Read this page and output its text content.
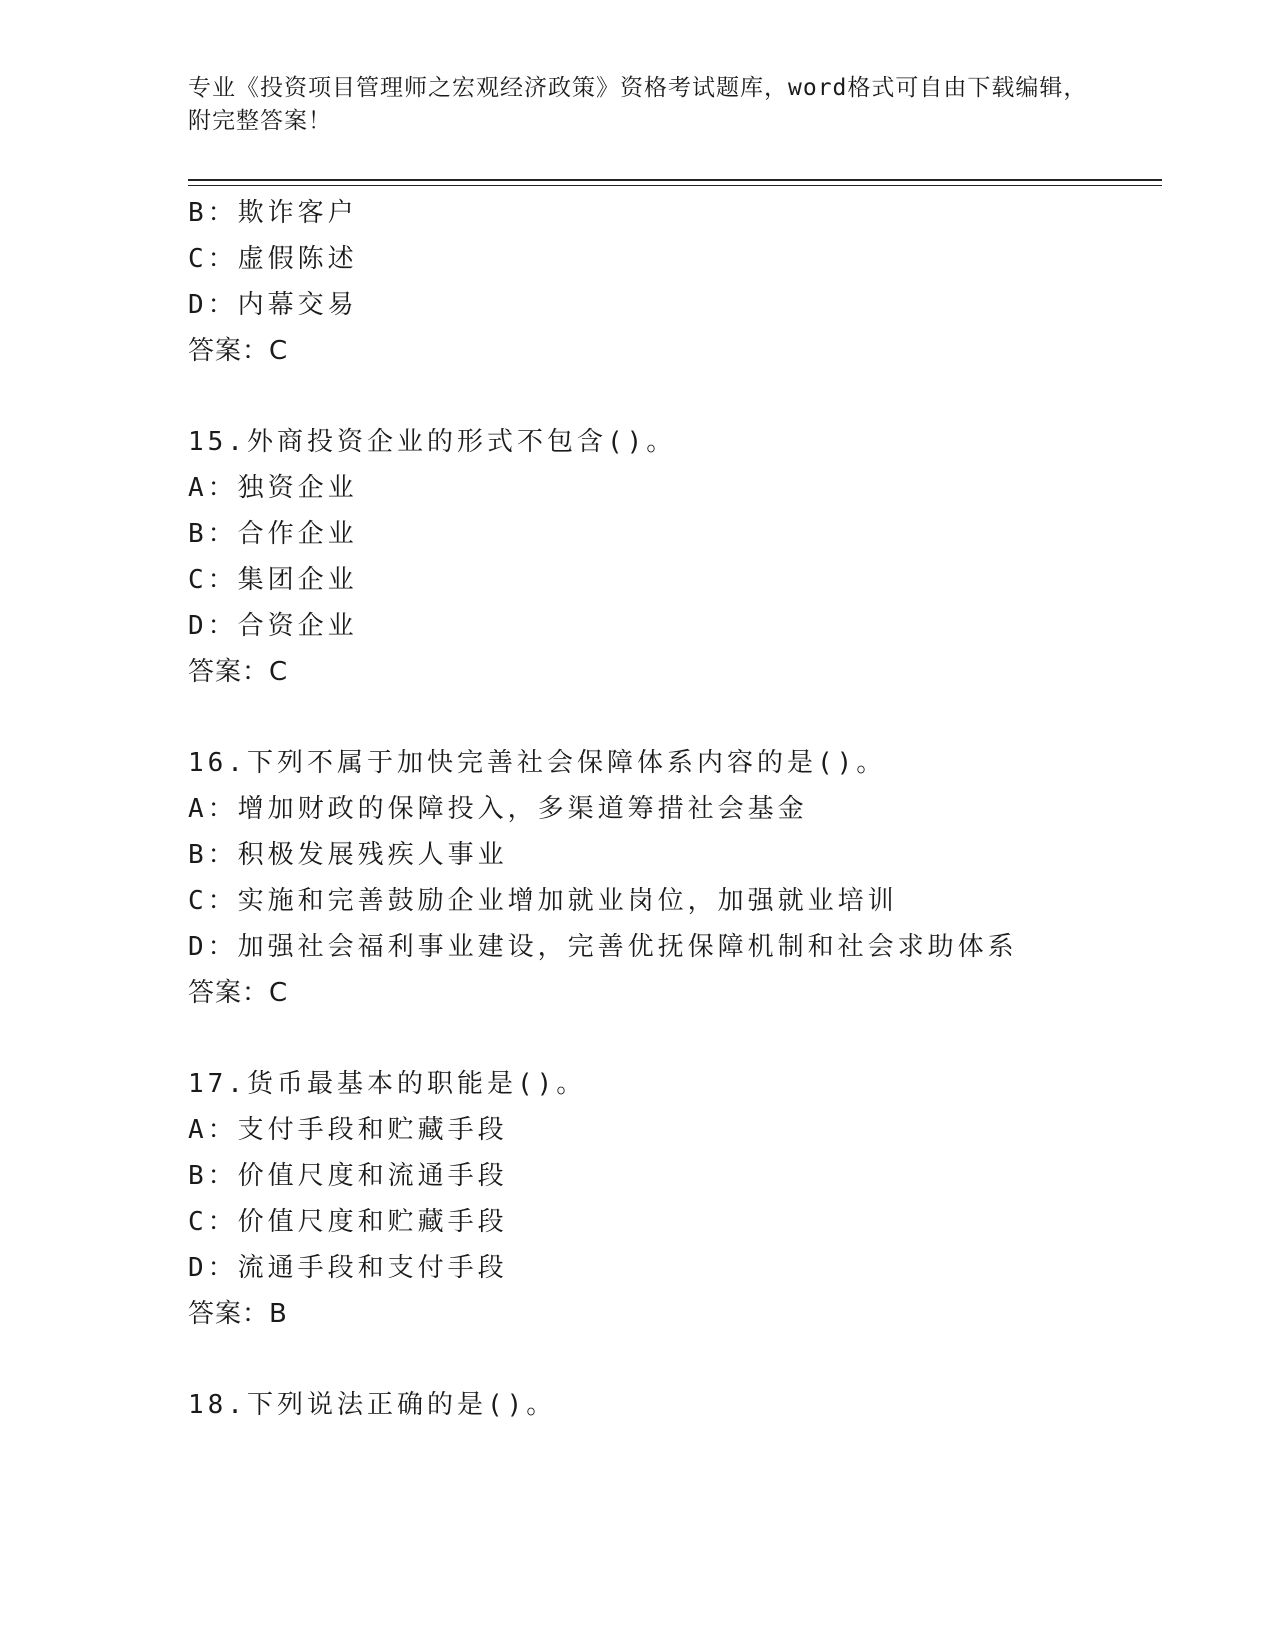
专业《投资项目管理师之宏观经济政策》资格考试题库，word格式可自由下载编辑，附完整答案！
B：欺诈客户
C：虚假陈述
D：内幕交易
答案：C
15.外商投资企业的形式不包含()。
A：独资企业
B：合作企业
C：集团企业
D：合资企业
答案：C
16.下列不属于加快完善社会保障体系内容的是()。
A：增加财政的保障投入，多渠道筹措社会基金
B：积极发展残疾人事业
C：实施和完善鼓励企业增加就业岗位，加强就业培训
D：加强社会福利事业建设，完善优抚保障机制和社会求助体系
答案：C
17.货币最基本的职能是()。
A：支付手段和贮藏手段
B：价值尺度和流通手段
C：价值尺度和贮藏手段
D：流通手段和支付手段
答案：B
18.下列说法正确的是()。
